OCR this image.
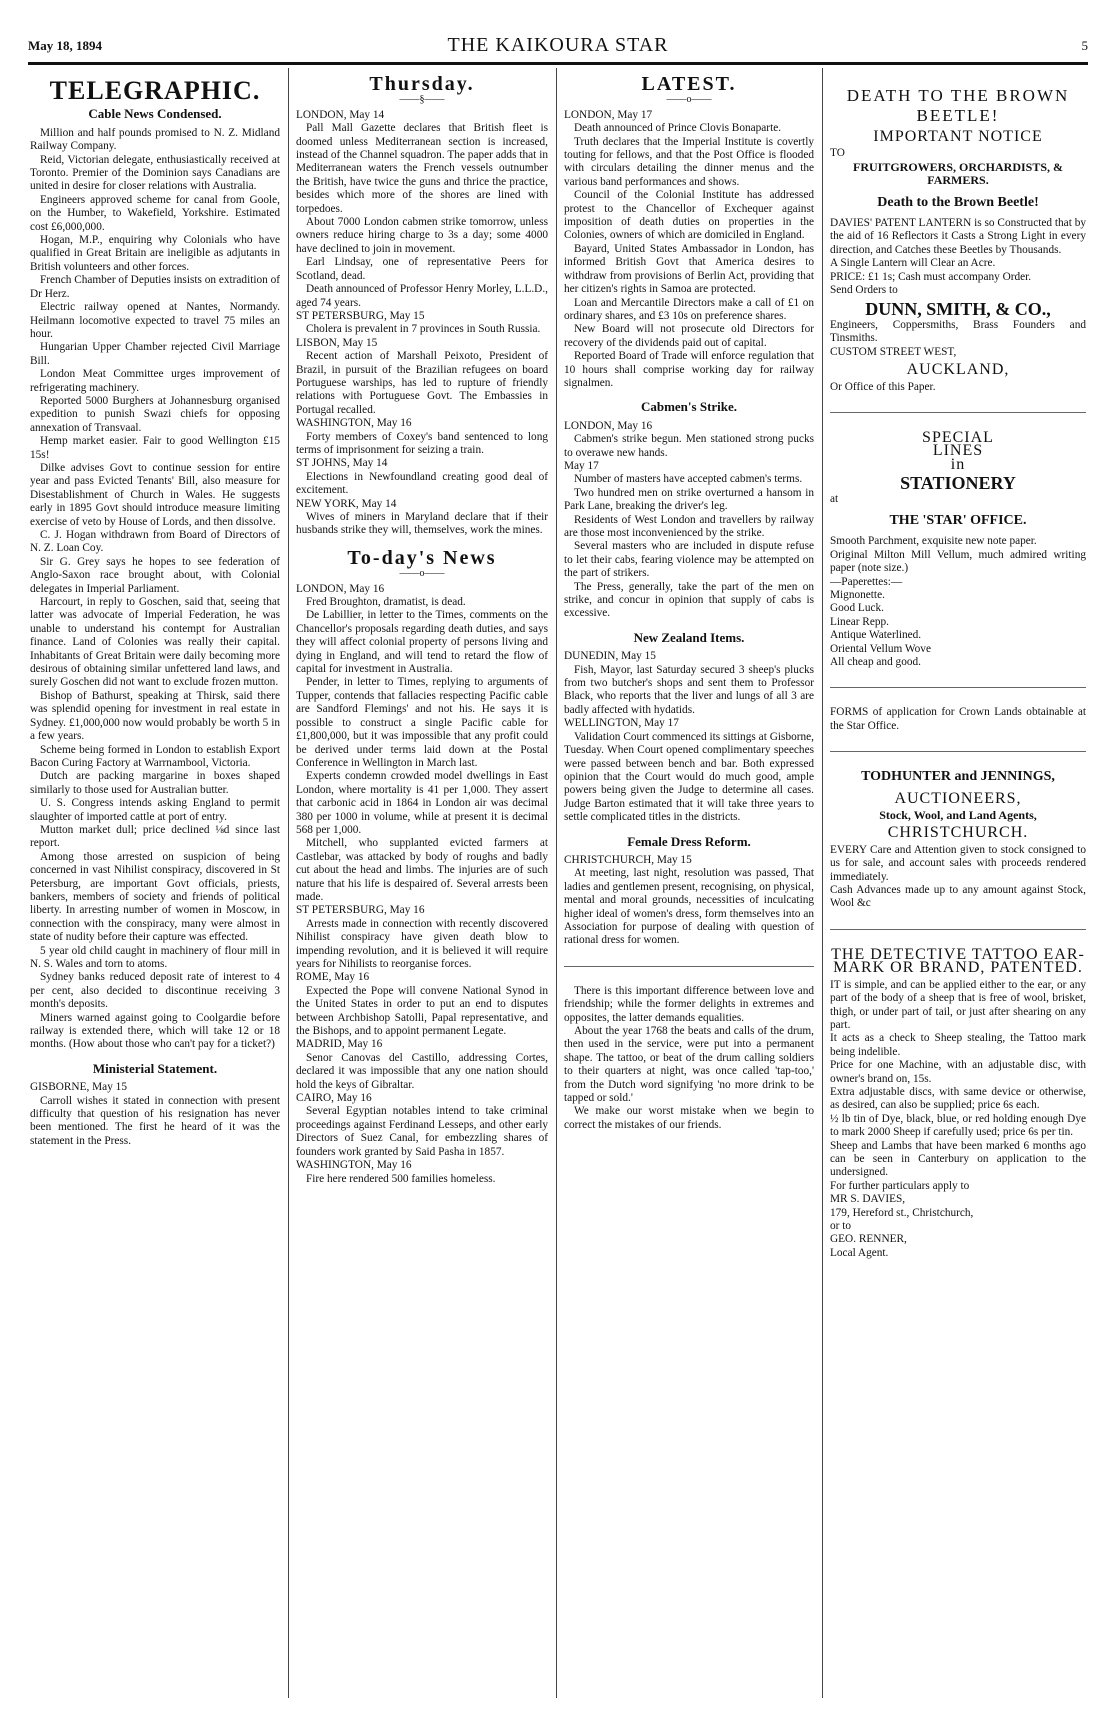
May 18, 1894	THE KAIKOURA STAR	5
TELEGRAPHIC.
Cable News Condensed.

Million and half pounds promised to N. Z. Midland Railway Company.

Reid, Victorian delegate, enthusiastically received at Toronto. Premier of the Dominion says Canadians are united in desire for closer relations with Australia.

Engineers approved scheme for canal from Goole, on the Humber, to Wakefield, Yorkshire. Estimated cost £6,000,000.

Hogan, M.P., enquiring why Colonials who have qualified in Great Britain are ineligible as adjutants in British volunteers and other forces.

French Chamber of Deputies insists on extradition of Dr Herz.

Electric railway opened at Nantes, Normandy. Heilmann locomotive expected to travel 75 miles an hour.

Hungarian Upper Chamber rejected Civil Marriage Bill.

London Meat Committee urges improvement of refrigerating machinery.

Reported 5000 Burghers at Johannesburg organised expedition to punish Swazi chiefs for opposing annexation of Transvaal.

Hemp market easier. Fair to good Wellington £15 15s!

Dilke advises Govt to continue session for entire year and pass Evicted Tenants' Bill, also measure for Disestablishment of Church in Wales. He suggests early in 1895 Govt should introduce measure limiting exercise of veto by House of Lords, and then dissolve.

C. J. Hogan withdrawn from Board of Directors of N. Z. Loan Coy.

Sir G. Grey says he hopes to see federation of Anglo-Saxon race brought about, with Colonial delegates in Imperial Parliament.

Harcourt, in reply to Goschen, said that, seeing that latter was advocate of Imperial Federation, he was unable to understand his contempt for Australian finance. Land of Colonies was really their capital. Inhabitants of Great Britain were daily becoming more desirous of obtaining similar unfettered land laws, and surely Goschen did not want to exclude frozen mutton.

Bishop of Bathurst, speaking at Thirsk, said there was splendid opening for investment in real estate in Sydney. £1,000,000 now would probably be worth 5 in a few years.

Scheme being formed in London to establish Export Bacon Curing Factory at Warrnambool, Victoria.

Dutch are packing margarine in boxes shaped similarly to those used for Australian butter.

U. S. Congress intends asking England to permit slaughter of imported cattle at port of entry.

Mutton market dull; price declined ⅛d since last report.

Among those arrested on suspicion of being concerned in vast Nihilist conspiracy, discovered in St Petersburg, are important Govt officials, priests, bankers, members of society and friends of political liberty. In arresting number of women in Moscow, in connection with the conspiracy, many were almost in state of nudity before their capture was effected.

5 year old child caught in machinery of flour mill in N. S. Wales and torn to atoms.

Sydney banks reduced deposit rate of interest to 4 per cent, also decided to discontinue receiving 3 month's deposits.

Miners warned against going to Coolgardie before railway is extended there, which will take 12 or 18 months. (How about those who can't pay for a ticket?)

Ministerial Statement.

GISBORNE, May 15

Carroll wishes it stated in connection with present difficulty that question of his resignation has never been mentioned. The first he heard of it was the statement in the Press.

Thursday.
——§——

LONDON, May 14

Pall Mall Gazette declares that British fleet is doomed unless Mediterranean section is increased, instead of the Channel squadron. The paper adds that in Mediterranean waters the French vessels outnumber the British, have twice the guns and thrice the practice, besides which more of the shores are lined with torpedoes.

About 7000 London cabmen strike tomorrow, unless owners reduce hiring charge to 3s a day; some 4000 have declined to join in movement.

Earl Lindsay, one of representative Peers for Scotland, dead.

Death announced of Professor Henry Morley, L.L.D., aged 74 years.

ST PETERSBURG, May 15

Cholera is prevalent in 7 provinces in South Russia.

LISBON, May 15

Recent action of Marshall Peixoto, President of Brazil, in pursuit of the Brazilian refugees on board Portuguese warships, has led to rupture of friendly relations with Portuguese Govt. The Embassies in Portugal recalled.

WASHINGTON, May 16

Forty members of Coxey's band sentenced to long terms of imprisonment for seizing a train.

ST JOHNS, May 14

Elections in Newfoundland creating good deal of excitement.

NEW YORK, May 14

Wives of miners in Maryland declare that if their husbands strike they will, themselves, work the mines.

To-day's News
——o——

LONDON, May 16

Fred Broughton, dramatist, is dead.

De Labillier, in letter to the Times, comments on the Chancellor's proposals regarding death duties, and says they will affect colonial property of persons living and dying in England, and will tend to retard the flow of capital for investment in Australia.

Pender, in letter to Times, replying to arguments of Tupper, contends that fallacies respecting Pacific cable are Sandford Flemings' and not his. He says it is possible to construct a single Pacific cable for £1,800,000, but it was impossible that any profit could be derived under terms laid down at the Postal Conference in Wellington in March last.

Experts condemn crowded model dwellings in East London, where mortality is 41 per 1,000. They assert that carbonic acid in 1864 in London air was decimal 380 per 1000 in volume, while at present it is decimal 568 per 1,000.

Mitchell, who supplanted evicted farmers at Castlebar, was attacked by body of roughs and badly cut about the head and limbs. The injuries are of such nature that his life is despaired of. Several arrests been made.

ST PETERSBURG, May 16

Arrests made in connection with recently discovered Nihilist conspiracy have given death blow to impending revolution, and it is believed it will require years for Nihilists to reorganise forces.

ROME, May 16

Expected the Pope will convene National Synod in the United States in order to put an end to disputes between Archbishop Satolli, Papal representative, and the Bishops, and to appoint permanent Legate.

MADRID, May 16

Senor Canovas del Castillo, addressing Cortes, declared it was impossible that any one nation should hold the keys of Gibraltar.

CAIRO, May 16

Several Egyptian notables intend to take criminal proceedings against Ferdinand Lesseps, and other early Directors of Suez Canal, for embezzling shares of founders work granted by Said Pasha in 1857.

WASHINGTON, May 16

Fire here rendered 500 families homeless.

LATEST.
——o——

LONDON, May 17

Death announced of Prince Clovis Bonaparte.

Truth declares that the Imperial Institute is covertly touting for fellows, and that the Post Office is flooded with circulars detailing the dinner menus and the various band performances and shows.

Council of the Colonial Institute has addressed protest to the Chancellor of Exchequer against imposition of death duties on properties in the Colonies, owners of which are domiciled in England.

Bayard, United States Ambassador in London, has informed British Govt that America desires to withdraw from provisions of Berlin Act, providing that her citizen's rights in Samoa are protected.

Loan and Mercantile Directors make a call of £1 on ordinary shares, and £3 10s on preference shares.

New Board will not prosecute old Directors for recovery of the dividends paid out of capital.

Reported Board of Trade will enforce regulation that 10 hours shall comprise working day for railway signalmen.

Cabmen's Strike.

LONDON, May 16

Cabmen's strike begun. Men stationed strong pucks to overawe new hands.

May 17

Number of masters have accepted cabmen's terms.

Two hundred men on strike overturned a hansom in Park Lane, breaking the driver's leg.

Residents of West London and travellers by railway are those most inconvenienced by the strike.

Several masters who are included in dispute refuse to let their cabs, fearing violence may be attempted on the part of strikers.

The Press, generally, take the part of the men on strike, and concur in opinion that supply of cabs is excessive.

New Zealand Items.

DUNEDIN, May 15

Fish, Mayor, last Saturday secured 3 sheep's plucks from two butcher's shops and sent them to Professor Black, who reports that the liver and lungs of all 3 are badly affected with hydatids.

WELLINGTON, May 17

Validation Court commenced its sittings at Gisborne, Tuesday. When Court opened complimentary speeches were passed between bench and bar. Both expressed opinion that the Court would do much good, ample powers being given the Judge to determine all cases. Judge Barton estimated that it will take three years to settle complicated titles in the districts.

Female Dress Reform.

CHRISTCHURCH, May 15

At meeting, last night, resolution was passed, That ladies and gentlemen present, recognising, on physical, mental and moral grounds, necessities of inculcating higher ideal of women's dress, form themselves into an Association for purpose of dealing with question of rational dress for women.

There is this important difference between love and friendship; while the former delights in extremes and opposites, the latter demands equalities.

About the year 1768 the beats and calls of the drum, then used in the service, were put into a permanent shape. The tattoo, or beat of the drum calling soldiers to their quarters at night, was once called 'tap-too,' from the Dutch word signifying 'no more drink to be tapped or sold.'

We make our worst mistake when we begin to correct the mistakes of our friends.

DEATH TO THE BROWN BEETLE!
IMPORTANT NOTICE

TO

FRUITGROWERS, ORCHARDISTS, & FARMERS.
Death to the Brown Beetle!

DAVIES' PATENT LANTERN is so Constructed that by the aid of 16 Reflectors it Casts a Strong Light in every direction, and Catches these Beetles by Thousands.

A Single Lantern will Clear an Acre.

PRICE: £1 1s; Cash must accompany Order.

Send Orders to

DUNN, SMITH, & CO.,

Engineers, Coppersmiths, Brass Founders and Tinsmiths.

CUSTOM STREET WEST,

AUCKLAND,

Or Office of this Paper.

SPECIAL
LINES
in
STATIONERY

at

THE 'STAR' OFFICE.

Smooth Parchment, exquisite new note paper.

Original Milton Mill Vellum, much admired writing paper (note size.)

—Paperettes:—

Mignonette.

Good Luck.

Linear Repp.

Antique Waterlined.

Oriental Vellum Wove

All cheap and good.

FORMS of application for Crown Lands obtainable at the Star Office.

TODHUNTER and JENNINGS,
AUCTIONEERS,
Stock, Wool, and Land Agents,
CHRISTCHURCH.

EVERY Care and Attention given to stock consigned to us for sale, and account sales with proceeds rendered immediately.

Cash Advances made up to any amount against Stock, Wool &c

THE DETECTIVE TATTOO EAR-MARK OR BRAND, PATENTED.

IT is simple, and can be applied either to the ear, or any part of the body of a sheep that is free of wool, brisket, thigh, or under part of tail, or just after shearing on any part.

It acts as a check to Sheep stealing, the Tattoo mark being indelible.

Price for one Machine, with an adjustable disc, with owner's brand on, 15s.

Extra adjustable discs, with same device or otherwise, as desired, can also be supplied; price 6s each.

½ lb tin of Dye, black, blue, or red holding enough Dye to mark 2000 Sheep if carefully used; price 6s per tin.

Sheep and Lambs that have been marked 6 months ago can be seen in Canterbury on application to the undersigned.

For further particulars apply to

MR S. DAVIES,

179, Hereford st., Christchurch,

or to

GEO. RENNER,

Local Agent.
